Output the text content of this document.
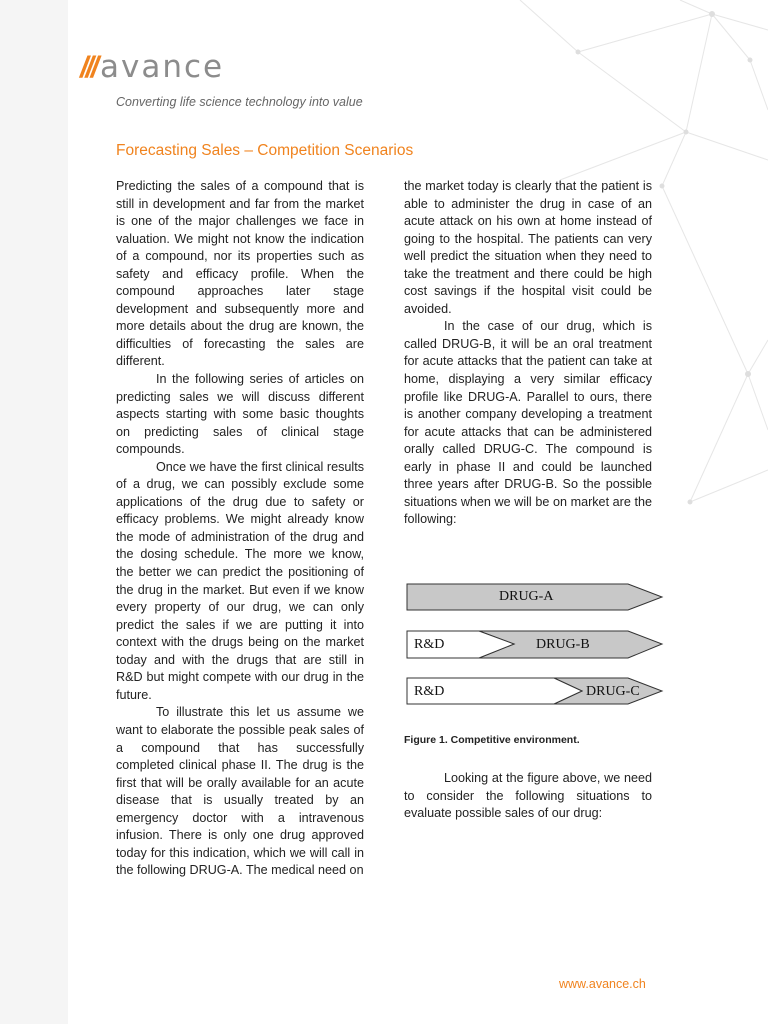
/// avance
Converting life science technology into value
Forecasting Sales – Competition Scenarios

Predicting the sales of a compound that is still in development and far from the market is one of the major challenges we face in valuation. We might not know the indication of a compound, nor its properties such as safety and efficacy profile. When the compound approaches later stage development and subsequently more and more details about the drug are known, the difficulties of forecasting the sales are different.

In the following series of articles on predicting sales we will discuss different aspects starting with some basic thoughts on predicting sales of clinical stage compounds.

Once we have the first clinical results of a drug, we can possibly exclude some applications of the drug due to safety or efficacy problems. We might already know the mode of administration of the drug and the dosing schedule. The more we know, the better we can predict the positioning of the drug in the market. But even if we know every property of our drug, we can only predict the sales if we are putting it into context with the drugs being on the market today and with the drugs that are still in R&D but might compete with our drug in the future.

To illustrate this let us assume we want to elaborate the possible peak sales of a compound that has successfully completed clinical phase II. The drug is the first that will be orally available for an acute disease that is usually treated by an emergency doctor with a intravenous infusion. There is only one drug approved today for this indication, which we will call in the following DRUG-A. The medical need on

the market today is clearly that the patient is able to administer the drug in case of an acute attack on his own at home instead of going to the hospital. The patients can very well predict the situation when they need to take the treatment and there could be high cost savings if the hospital visit could be avoided.

In the case of our drug, which is called DRUG-B, it will be an oral treatment for acute attacks that the patient can take at home, displaying a very similar efficacy profile like DRUG-A. Parallel to ours, there is another company developing a treatment for acute attacks that can be administered orally called DRUG-C. The compound is early in phase II and could be launched three years after DRUG-B. So the possible situations when we will be on market are the following:

DRUG-A
R&D	DRUG-B
R&D	DRUG-C
Figure 1. Competitive environment.

Looking at the figure above, we need to consider the following situations to evaluate possible sales of our drug:

www.avance.ch
